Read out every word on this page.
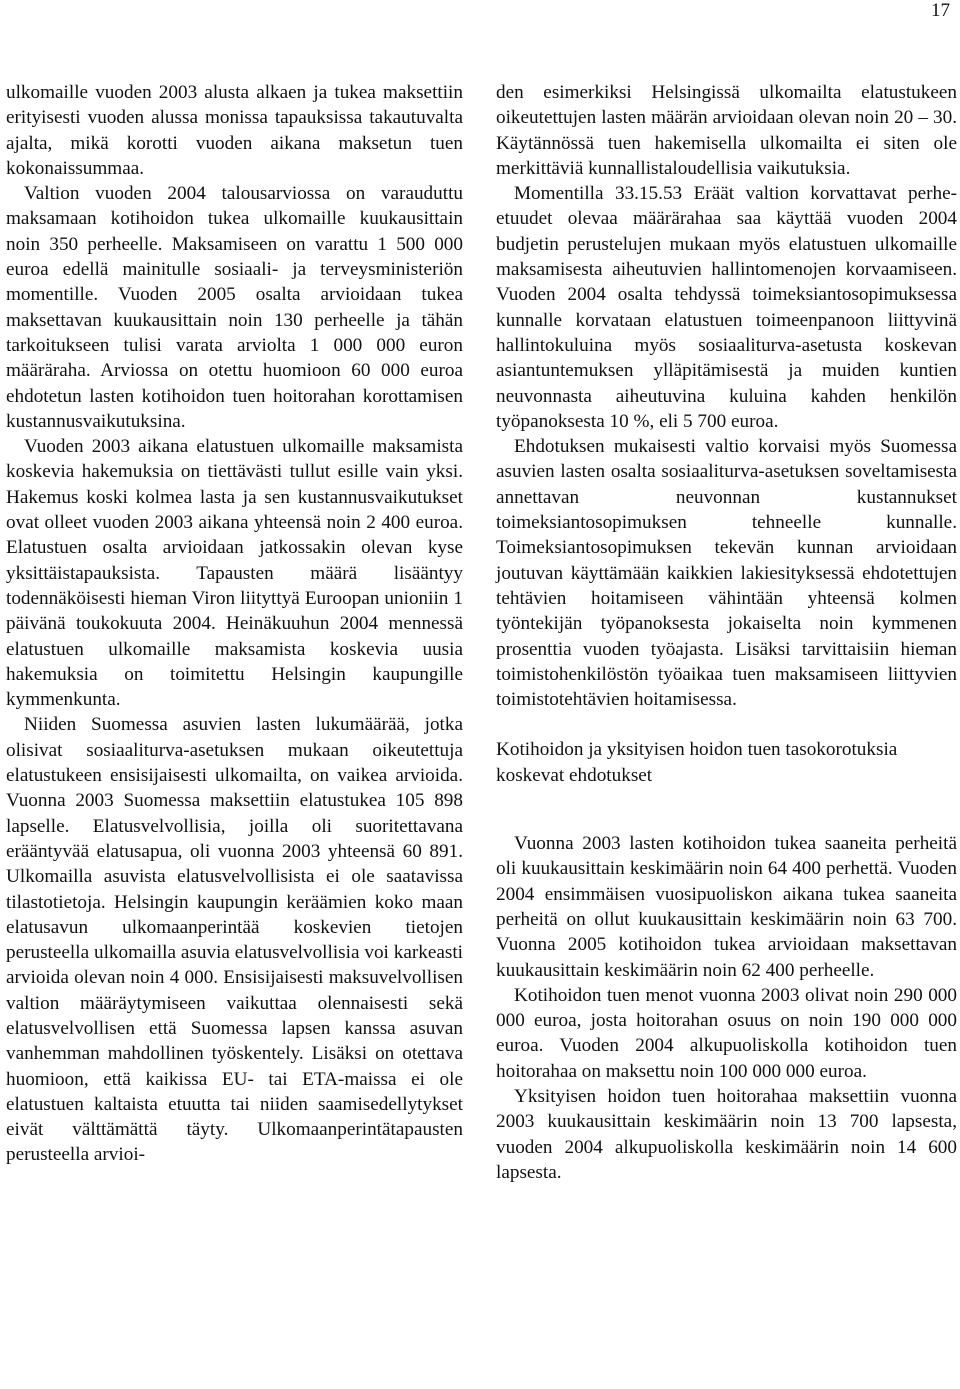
17

ulkomaille vuoden 2003 alusta alkaen ja tukea maksettiin erityisesti vuoden alussa monissa tapauksissa takautuvalta ajalta, mikä korotti vuoden aikana maksetun tuen kokonaissummaa.

Valtion vuoden 2004 talousarviossa on varauduttu maksamaan kotihoidon tukea ulkomaille kuukausittain noin 350 perheelle. Maksamiseen on varattu 1 500 000 euroa edellä mainitulle sosiaali- ja terveysministeriön momentille. Vuoden 2005 osalta arvioidaan tukea maksettavan kuukausittain noin 130 perheelle ja tähän tarkoitukseen tulisi varata arviolta 1 000 000 euron määräraha. Arviossa on otettu huomioon 60 000 euroa ehdotetun lasten kotihoidon tuen hoitorahan korottamisen kustannusvaikutuksina.

Vuoden 2003 aikana elatustuen ulkomaille maksamista koskevia hakemuksia on tiettävästi tullut esille vain yksi. Hakemus koski kolmea lasta ja sen kustannusvaikutukset ovat olleet vuoden 2003 aikana yhteensä noin 2 400 euroa. Elatustuen osalta arvioidaan jatkossakin olevan kyse yksittäistapauksista. Tapausten määrä lisääntyy todennäköisesti hieman Viron liityttyä Euroopan unioniin 1 päivänä toukokuuta 2004. Heinäkuuhun 2004 mennessä elatustuen ulkomaille maksamista koskevia uusia hakemuksia on toimitettu Helsingin kaupungille kymmenkunta.

Niiden Suomessa asuvien lasten lukumäärää, jotka olisivat sosiaaliturva-asetuksen mukaan oikeutettuja elatustukeen ensisijaisesti ulkomailta, on vaikea arvioida. Vuonna 2003 Suomessa maksettiin elatustukea 105 898 lapselle. Elatusvelvollisia, joilla oli suoritettavana erääntyvää elatusapua, oli vuonna 2003 yhteensä 60 891. Ulkomailla asuvista elatusvelvollisista ei ole saatavissa tilastotietoja. Helsingin kaupungin keräämien koko maan elatusavun ulkomaanperintää koskevien tietojen perusteella ulkomailla asuvia elatusvelvollisia voi karkeasti arvioida olevan noin 4 000. Ensisijaisesti maksuvelvollisen valtion määräytymiseen vaikuttaa olennaisesti sekä elatusvelvollisen että Suomessa lapsen kanssa asuvan vanhemman mahdollinen työskentely. Lisäksi on otettava huomioon, että kaikissa EU- tai ETA-maissa ei ole elatustuen kaltaista etuutta tai niiden saamisedellytykset eivät välttämättä täyty. Ulkomaanperintätapausten perusteella arvioi-

den esimerkiksi Helsingissä ulkomailta elatustukeen oikeutettujen lasten määrän arvioidaan olevan noin 20 – 30. Käytännössä tuen hakemisella ulkomailta ei siten ole merkittäviä kunnallistaloudellisia vaikutuksia.

Momentilla 33.15.53 Eräät valtion korvattavat perhe-etuudet olevaa määrärahaa saa käyttää vuoden 2004 budjetin perustelujen mukaan myös elatustuen ulkomaille maksamisesta aiheutuvien hallintomenojen korvaamiseen. Vuoden 2004 osalta tehdyssä toimeksiantosopimuksessa kunnalle korvataan elatustuen toimeenpanoon liittyvinä hallintokuluina myös sosiaaliturva-asetusta koskevan asiantuntemuksen ylläpitämisestä ja muiden kuntien neuvonnasta aiheutuvina kuluina kahden henkilön työpanoksesta 10 %, eli 5 700 euroa.

Ehdotuksen mukaisesti valtio korvaisi myös Suomessa asuvien lasten osalta sosiaaliturva-asetuksen soveltamisesta annettavan neuvonnan kustannukset toimeksiantosopimuksen tehneelle kunnalle. Toimeksiantosopimuksen tekevän kunnan arvioidaan joutuvan käyttämään kaikkien lakiesityksessä ehdotettujen tehtävien hoitamiseen vähintään yhteensä kolmen työntekijän työpanoksesta jokaiselta noin kymmenen prosenttia vuoden työajasta. Lisäksi tarvittaisiin hieman toimistohenkilöstön työaikaa tuen maksamiseen liittyvien toimistotehtävien hoitamisessa.

Kotihoidon ja yksityisen hoidon tuen tasokorotuksia koskevat ehdotukset

Vuonna 2003 lasten kotihoidon tukea saaneita perheitä oli kuukausittain keskimäärin noin 64 400 perhettä. Vuoden 2004 ensimmäisen vuosipuoliskon aikana tukea saaneita perheitä on ollut kuukausittain keskimäärin noin 63 700. Vuonna 2005 kotihoidon tukea arvioidaan maksettavan kuukausittain keskimäärin noin 62 400 perheelle.

Kotihoidon tuen menot vuonna 2003 olivat noin 290 000 000 euroa, josta hoitorahan osuus on noin 190 000 000 euroa. Vuoden 2004 alkupuoliskolla kotihoidon tuen hoitorahaa on maksettu noin 100 000 000 euroa.

Yksityisen hoidon tuen hoitorahaa maksettiin vuonna 2003 kuukausittain keskimäärin noin 13 700 lapsesta, vuoden 2004 alkupuoliskolla keskimäärin noin 14 600 lapsesta.
